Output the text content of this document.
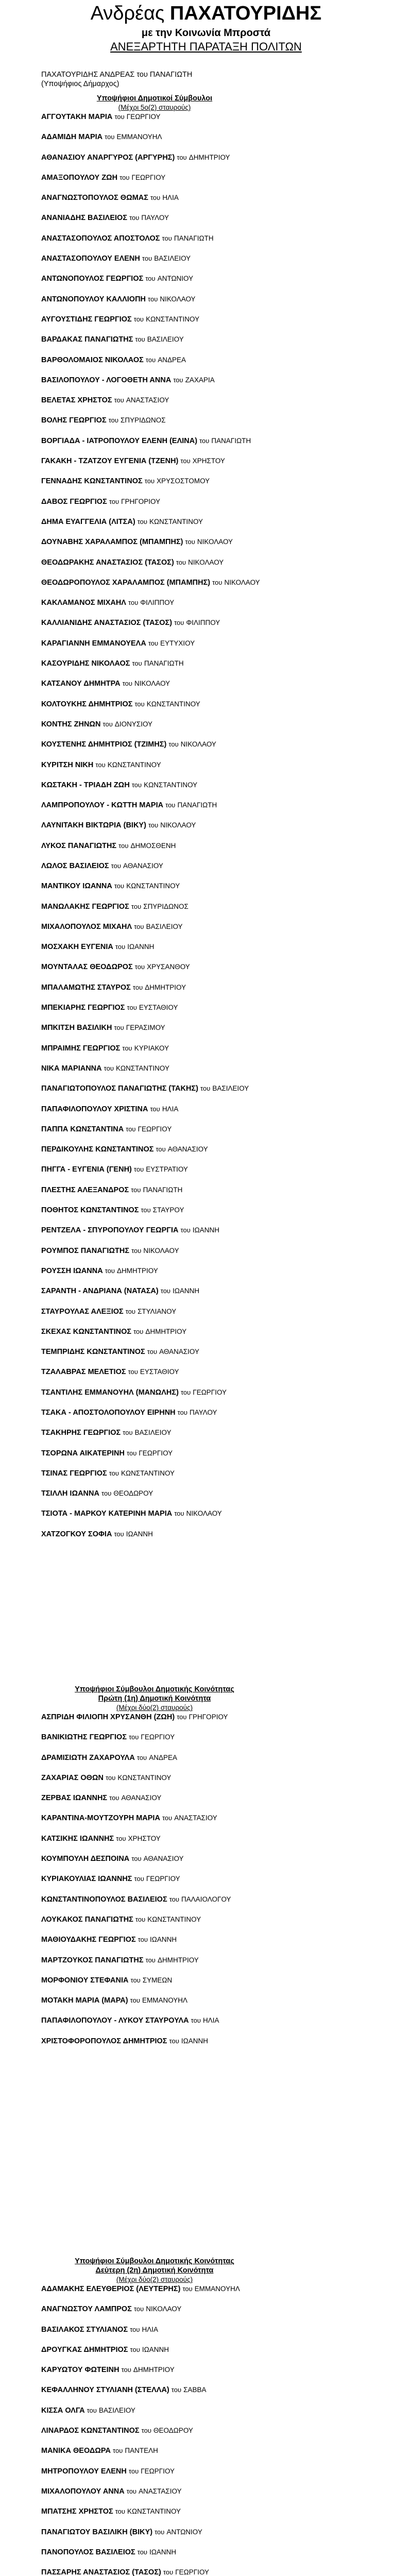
Ανδρέας ΠΑΧΑΤΟΥΡΙΔΗΣ
με την Κοινωνία Μπροστά
ΑΝΕΞΑΡΤΗΤΗ ΠΑΡΑΤΑΞΗ ΠΟΛΙΤΩΝ
ΠΑΧΑΤΟΥΡΙΔΗΣ ΑΝΔΡΕΑΣ του ΠΑΝΑΓΙΩΤΗ
(Υποψήφιος Δήμαρχος)
Υποψήφιοι Δημοτικοί Σύμβουλοι
(Μέχρι 5ο(2) σταυρούς)
ΑΓΓΟΥΤΑΚΗ ΜΑΡΙΑ του ΓΕΩΡΓΙΟΥ
ΑΔΑΜΙΔΗ ΜΑΡΙΑ του ΕΜΜΑΝΟΥΗΛ
ΑΘΑΝΑΣΙΟΥ ΑΝΑΡΓΥΡΟΣ (ΑΡΓΥΡΗΣ) του ΔΗΜΗΤΡΙΟΥ
ΑΜΑΞΟΠΟΥΛΟΥ ΖΩΗ του ΓΕΩΡΓΙΟΥ
ΑΝΑΓΝΩΣΤΟΠΟΥΛΟΣ ΘΩΜΑΣ του ΗΛΙΑ
ΑΝΑΝΙΑΔΗΣ ΒΑΣΙΛΕΙΟΣ του ΠΑΥΛΟΥ
ΑΝΑΣΤΑΣΟΠΟΥΛΟΣ ΑΠΟΣΤΟΛΟΣ του ΠΑΝΑΓΙΩΤΗ
ΑΝΑΣΤΑΣΟΠΟΥΛΟΥ ΕΛΕΝΗ του ΒΑΣΙΛΕΙΟΥ
ΑΝΤΩΝΟΠΟΥΛΟΣ ΓΕΩΡΓΙΟΣ του ΑΝΤΩΝΙΟΥ
ΑΝΤΩΝΟΠΟΥΛΟΥ ΚΑΛΛΙΟΠΗ του ΝΙΚΟΛΑΟΥ
ΑΥΓΟΥΣΤΙΔΗΣ ΓΕΩΡΓΙΟΣ του ΚΩΝΣΤΑΝΤΙΝΟΥ
ΒΑΡΔΑΚΑΣ ΠΑΝΑΓΙΩΤΗΣ του ΒΑΣΙΛΕΙΟΥ
ΒΑΡΘΟΛΟΜΑΙΟΣ ΝΙΚΟΛΑΟΣ του ΑΝΔΡΕΑ
ΒΑΣΙΛΟΠΟΥΛΟΥ - ΛΟΓΟΘΕΤΗ ΑΝΝΑ του ΖΑΧΑΡΙΑ
ΒΕΛΕΤΑΣ ΧΡΗΣΤΟΣ του ΑΝΑΣΤΑΣΙΟΥ
ΒΟΛΗΣ ΓΕΩΡΓΙΟΣ του ΣΠΥΡΙΔΩΝΟΣ
ΒΟΡΓΙΑΔΑ - ΙΑΤΡΟΠΟΥΛΟΥ ΕΛΕΝΗ (ΕΛΙΝΑ) του ΠΑΝΑΓΙΩΤΗ
ΓΑΚΑΚΗ - ΤΖΑΤΖΟΥ ΕΥΓΕΝΙΑ (ΤΖΕΝΗ) του ΧΡΗΣΤΟΥ
ΓΕΝΝΑΔΗΣ ΚΩΝΣΤΑΝΤΙΝΟΣ του ΧΡΥΣΟΣΤΟΜΟΥ
ΔΑΒΟΣ ΓΕΩΡΓΙΟΣ του ΓΡΗΓΟΡΙΟΥ
ΔΗΜΑ ΕΥΑΓΓΕΛΙΑ (ΛΙΤΣΑ) του ΚΩΝΣΤΑΝΤΙΝΟΥ
ΔΟΥΝΑΒΗΣ ΧΑΡΑΛΑΜΠΟΣ (ΜΠΑΜΠΗΣ) του ΝΙΚΟΛΑΟΥ
ΘΕΟΔΩΡΑΚΗΣ ΑΝΑΣΤΑΣΙΟΣ (ΤΑΣΟΣ) του ΝΙΚΟΛΑΟΥ
ΘΕΟΔΩΡΟΠΟΥΛΟΣ ΧΑΡΑΛΑΜΠΟΣ (ΜΠΑΜΠΗΣ) του ΝΙΚΟΛΑΟΥ
ΚΑΚΛΑΜΑΝΟΣ ΜΙΧΑΗΛ του ΦΙΛΙΠΠΟΥ
ΚΑΛΛΙΑΝΙΔΗΣ ΑΝΑΣΤΑΣΙΟΣ (ΤΑΣΟΣ) του ΦΙΛΙΠΠΟΥ
ΚΑΡΑΓΙΑΝΝΗ ΕΜΜΑΝΟΥΕΛΑ του ΕΥΤΥΧΙΟΥ
ΚΑΣΟΥΡΙΔΗΣ ΝΙΚΟΛΑΟΣ του ΠΑΝΑΓΙΩΤΗ
ΚΑΤΣΑΝΟΥ ΔΗΜΗΤΡΑ του ΝΙΚΟΛΑΟΥ
ΚΟΛΤΟΥΚΗΣ ΔΗΜΗΤΡΙΟΣ του ΚΩΝΣΤΑΝΤΙΝΟΥ
ΚΟΝΤΗΣ ΖΗΝΩΝ του ΔΙΟΝΥΣΙΟΥ
ΚΟΥΣΤΕΝΗΣ ΔΗΜΗΤΡΙΟΣ (ΤΖΙΜΗΣ) του ΝΙΚΟΛΑΟΥ
ΚΥΡΙΤΣΗ ΝΙΚΗ του ΚΩΝΣΤΑΝΤΙΝΟΥ
ΚΩΣΤΑΚΗ - ΤΡΙΑΔΗ ΖΩΗ του ΚΩΝΣΤΑΝΤΙΝΟΥ
ΛΑΜΠΡΟΠΟΥΛΟΥ - ΚΩΤΤΗ ΜΑΡΙΑ του ΠΑΝΑΓΙΩΤΗ
ΛΑΥΝΙΤΑΚΗ ΒΙΚΤΩΡΙΑ (ΒΙΚΥ) του ΝΙΚΟΛΑΟΥ
ΛΥΚΟΣ ΠΑΝΑΓΙΩΤΗΣ του ΔΗΜΟΣΘΕΝΗ
ΛΩΛΟΣ ΒΑΣΙΛΕΙΟΣ του ΑΘΑΝΑΣΙΟΥ
ΜΑΝΤΙΚΟΥ ΙΩΑΝΝΑ του ΚΩΝΣΤΑΝΤΙΝΟΥ
ΜΑΝΩΛΑΚΗΣ ΓΕΩΡΓΙΟΣ του ΣΠΥΡΙΔΩΝΟΣ
ΜΙΧΑΛΟΠΟΥΛΟΣ ΜΙΧΑΗΛ του ΒΑΣΙΛΕΙΟΥ
ΜΟΣΧΑΚΗ ΕΥΓΕΝΙΑ του ΙΩΑΝΝΗ
ΜΟΥΝΤΑΛΑΣ ΘΕΟΔΩΡΟΣ του ΧΡΥΣΑΝΘΟΥ
ΜΠΑΛΑΜΩΤΗΣ ΣΤΑΥΡΟΣ του ΔΗΜΗΤΡΙΟΥ
ΜΠΕΚΙΑΡΗΣ ΓΕΩΡΓΙΟΣ του ΕΥΣΤΑΘΙΟΥ
ΜΠΚΙΤΣΗ ΒΑΣΙΛΙΚΗ του ΓΕΡΑΣΙΜΟΥ
ΜΠΡΑΙΜΗΣ ΓΕΩΡΓΙΟΣ του ΚΥΡΙΑΚΟΥ
ΝΙΚΑ ΜΑΡΙΑΝΝΑ του ΚΩΝΣΤΑΝΤΙΝΟΥ
ΠΑΝΑΓΙΩΤΟΠΟΥΛΟΣ ΠΑΝΑΓΙΩΤΗΣ (ΤΑΚΗΣ) του ΒΑΣΙΛΕΙΟΥ
ΠΑΠΑΦΙΛΟΠΟΥΛΟΥ ΧΡΙΣΤΙΝΑ του ΗΛΙΑ
ΠΑΠΠΑ ΚΩΝΣΤΑΝΤΙΝΑ του ΓΕΩΡΓΙΟΥ
ΠΕΡΔΙΚΟΥΛΗΣ ΚΩΝΣΤΑΝΤΙΝΟΣ του ΑΘΑΝΑΣΙΟΥ
ΠΗΓΓΑ - ΕΥΓΕΝΙΑ (ΓΕΝΗ) του ΕΥΣΤΡΑΤΙΟΥ
ΠΛΕΣΤΗΣ ΑΛΕΞΑΝΔΡΟΣ του ΠΑΝΑΓΙΩΤΗ
ΠΟΘΗΤΟΣ ΚΩΝΣΤΑΝΤΙΝΟΣ του ΣΤΑΥΡΟΥ
ΡΕΝΤΖΕΛΑ - ΣΠΥΡΟΠΟΥΛΟΥ ΓΕΩΡΓΙΑ του ΙΩΑΝΝΗ
ΡΟΥΜΠΟΣ ΠΑΝΑΓΙΩΤΗΣ του ΝΙΚΟΛΑΟΥ
ΡΟΥΣΣΗ ΙΩΑΝΝΑ του ΔΗΜΗΤΡΙΟΥ
ΣΑΡΑΝΤΗ - ΑΝΔΡΙΑΝΑ (ΝΑΤΑΣΑ) του ΙΩΑΝΝΗ
ΣΤΑΥΡΟΥΛΑΣ ΑΛΕΞΙΟΣ του ΣΤΥΛΙΑΝΟΥ
ΣΚΕΧΑΣ ΚΩΝΣΤΑΝΤΙΝΟΣ του ΔΗΜΗΤΡΙΟΥ
ΤΕΜΠΡΙΔΗΣ ΚΩΝΣΤΑΝΤΙΝΟΣ του ΑΘΑΝΑΣΙΟΥ
ΤΖΑΛΑΒΡΑΣ ΜΕΛΕΤΙΟΣ του ΕΥΣΤΑΘΙΟΥ
ΤΣΑΝΤΙΛΗΣ ΕΜΜΑΝΟΥΗΛ (ΜΑΝΩΛΗΣ) του ΓΕΩΡΓΙΟΥ
ΤΣΑΚΑ - ΑΠΟΣΤΟΛΟΠΟΥΛΟΥ ΕΙΡΗΝΗ του ΠΑΥΛΟΥ
ΤΣΑΚΗΡΗΣ ΓΕΩΡΓΙΟΣ του ΒΑΣΙΛΕΙΟΥ
ΤΣΟΡΩΝΑ ΑΙΚΑΤΕΡΙΝΗ του ΓΕΩΡΓΙΟΥ
ΤΣΙΝΑΣ ΓΕΩΡΓΙΟΣ του ΚΩΝΣΤΑΝΤΙΝΟΥ
ΤΣΙΛΛΗ ΙΩΑΝΝΑ του ΘΕΟΔΩΡΟΥ
ΤΣΙΟΤΑ - ΜΑΡΚΟΥ ΚΑΤΕΡΙΝΗ ΜΑΡΙΑ του ΝΙΚΟΛΑΟΥ
ΧΑΤΖΟΓΚΟΥ ΣΟΦΙΑ του ΙΩΑΝΝΗ
Υποψήφιοι Σύμβουλοι Δημοτικής Κοινότητας
Πρώτη (1η) Δημοτική Κοινότητα
(Μέχρι δύο(2) σταυρούς)
ΑΣΠΡΙΔΗ ΦΙΛΙΟΠΗ ΧΡΥΣΑΝΘΗ (ΖΩΗ) του ΓΡΗΓΟΡΙΟΥ
ΒΑΝΙΚΙΩΤΗΣ ΓΕΩΡΓΙΟΣ του ΓΕΩΡΓΙΟΥ
ΔΡΑΜΙΣΙΩΤΗ ΖΑΧΑΡΟΥΛΑ του ΑΝΔΡΕΑ
ΖΑΧΑΡΙΑΣ ΟΘΩΝ του ΚΩΝΣΤΑΝΤΙΝΟΥ
ΖΕΡΒΑΣ ΙΩΑΝΝΗΣ του ΑΘΑΝΑΣΙΟΥ
ΚΑΡΑΝΤΙΝΑ-ΜΟΥΤΖΟΥΡΗ ΜΑΡΙΑ του ΑΝΑΣΤΑΣΙΟΥ
ΚΑΤΣΙΚΗΣ ΙΩΑΝΝΗΣ του ΧΡΗΣΤΟΥ
ΚΟΥΜΠΟΥΛΗ ΔΕΣΠΟΙΝΑ του ΑΘΑΝΑΣΙΟΥ
ΚΥΡΙΑΚΟΥΛΙΑΣ ΙΩΑΝΝΗΣ του ΓΕΩΡΓΙΟΥ
ΚΩΝΣΤΑΝΤΙΝΟΠΟΥΛΟΣ ΒΑΣΙΛΕΙΟΣ του ΠΑΛΑΙΟΛΟΓΟΥ
ΛΟΥΚΑΚΟΣ ΠΑΝΑΓΙΩΤΗΣ του ΚΩΝΣΤΑΝΤΙΝΟΥ
ΜΑΘΙΟΥΔΑΚΗΣ ΓΕΩΡΓΙΟΣ του ΙΩΑΝΝΗ
ΜΑΡΤΖΟΥΚΟΣ ΠΑΝΑΓΙΩΤΗΣ του ΔΗΜΗΤΡΙΟΥ
ΜΟΡΦΟΝΙΟΥ ΣΤΕΦΑΝΙΑ του ΣΥΜΕΩΝ
ΜΟΤΑΚΗ ΜΑΡΙΑ (ΜΑΡΑ) του ΕΜΜΑΝΟΥΗΛ
ΠΑΠΑΦΙΛΟΠΟΥΛΟΥ - ΛΥΚΟΥ ΣΤΑΥΡΟΥΛΑ του ΗΛΙΑ
ΧΡΙΣΤΟΦΟΡΟΠΟΥΛΟΣ ΔΗΜΗΤΡΙΟΣ του ΙΩΑΝΝΗ
Υποψήφιοι Σύμβουλοι Δημοτικής Κοινότητας
Δεύτερη (2η) Δημοτική Κοινότητα
(Μέχρι δύο(2) σταυρούς)
ΑΔΑΜΑΚΗΣ ΕΛΕΥΘΕΡΙΟΣ (ΛΕΥΤΕΡΗΣ) του ΕΜΜΑΝΟΥΗΛ
ΑΝΑΓΝΩΣΤΟΥ ΛΑΜΠΡΟΣ του ΝΙΚΟΛΑΟΥ
ΒΑΣΙΛΑΚΟΣ ΣΤΥΛΙΑΝΟΣ του ΗΛΙΑ
ΔΡΟΥΓΚΑΣ ΔΗΜΗΤΡΙΟΣ του ΙΩΑΝΝΗ
ΚΑΡΥΩΤΟΥ ΦΩΤΕΙΝΗ του ΔΗΜΗΤΡΙΟΥ
ΚΕΦΑΛΛΗΝΟΥ ΣΤΥΛΙΑΝΗ (ΣΤΕΛΛΑ) του ΣΑΒΒΑ
ΚΙΣΣΑ ΟΛΓΑ του ΒΑΣΙΛΕΙΟΥ
ΛΙΝΑΡΔΟΣ ΚΩΝΣΤΑΝΤΙΝΟΣ του ΘΕΟΔΩΡΟΥ
ΜΑΝΙΚΑ ΘΕΟΔΩΡΑ του ΠΑΝΤΕΛΗ
ΜΗΤΡΟΠΟΥΛΟΥ ΕΛΕΝΗ του ΓΕΩΡΓΙΟΥ
ΜΙΧΑΛΟΠΟΥΛΟΥ ΑΝΝΑ του ΑΝΑΣΤΑΣΙΟΥ
ΜΠΑΤΣΗΣ ΧΡΗΣΤΟΣ του ΚΩΝΣΤΑΝΤΙΝΟΥ
ΠΑΝΑΓΙΩΤΟΥ ΒΑΣΙΛΙΚΗ (ΒΙΚΥ) του ΑΝΤΩΝΙΟΥ
ΠΑΝΟΠΟΥΛΟΣ ΒΑΣΙΛΕΙΟΣ του ΙΩΑΝΝΗ
ΠΑΣΣΑΡΗΣ ΑΝΑΣΤΑΣΙΟΣ (ΤΑΣΟΣ) του ΓΕΩΡΓΙΟΥ
